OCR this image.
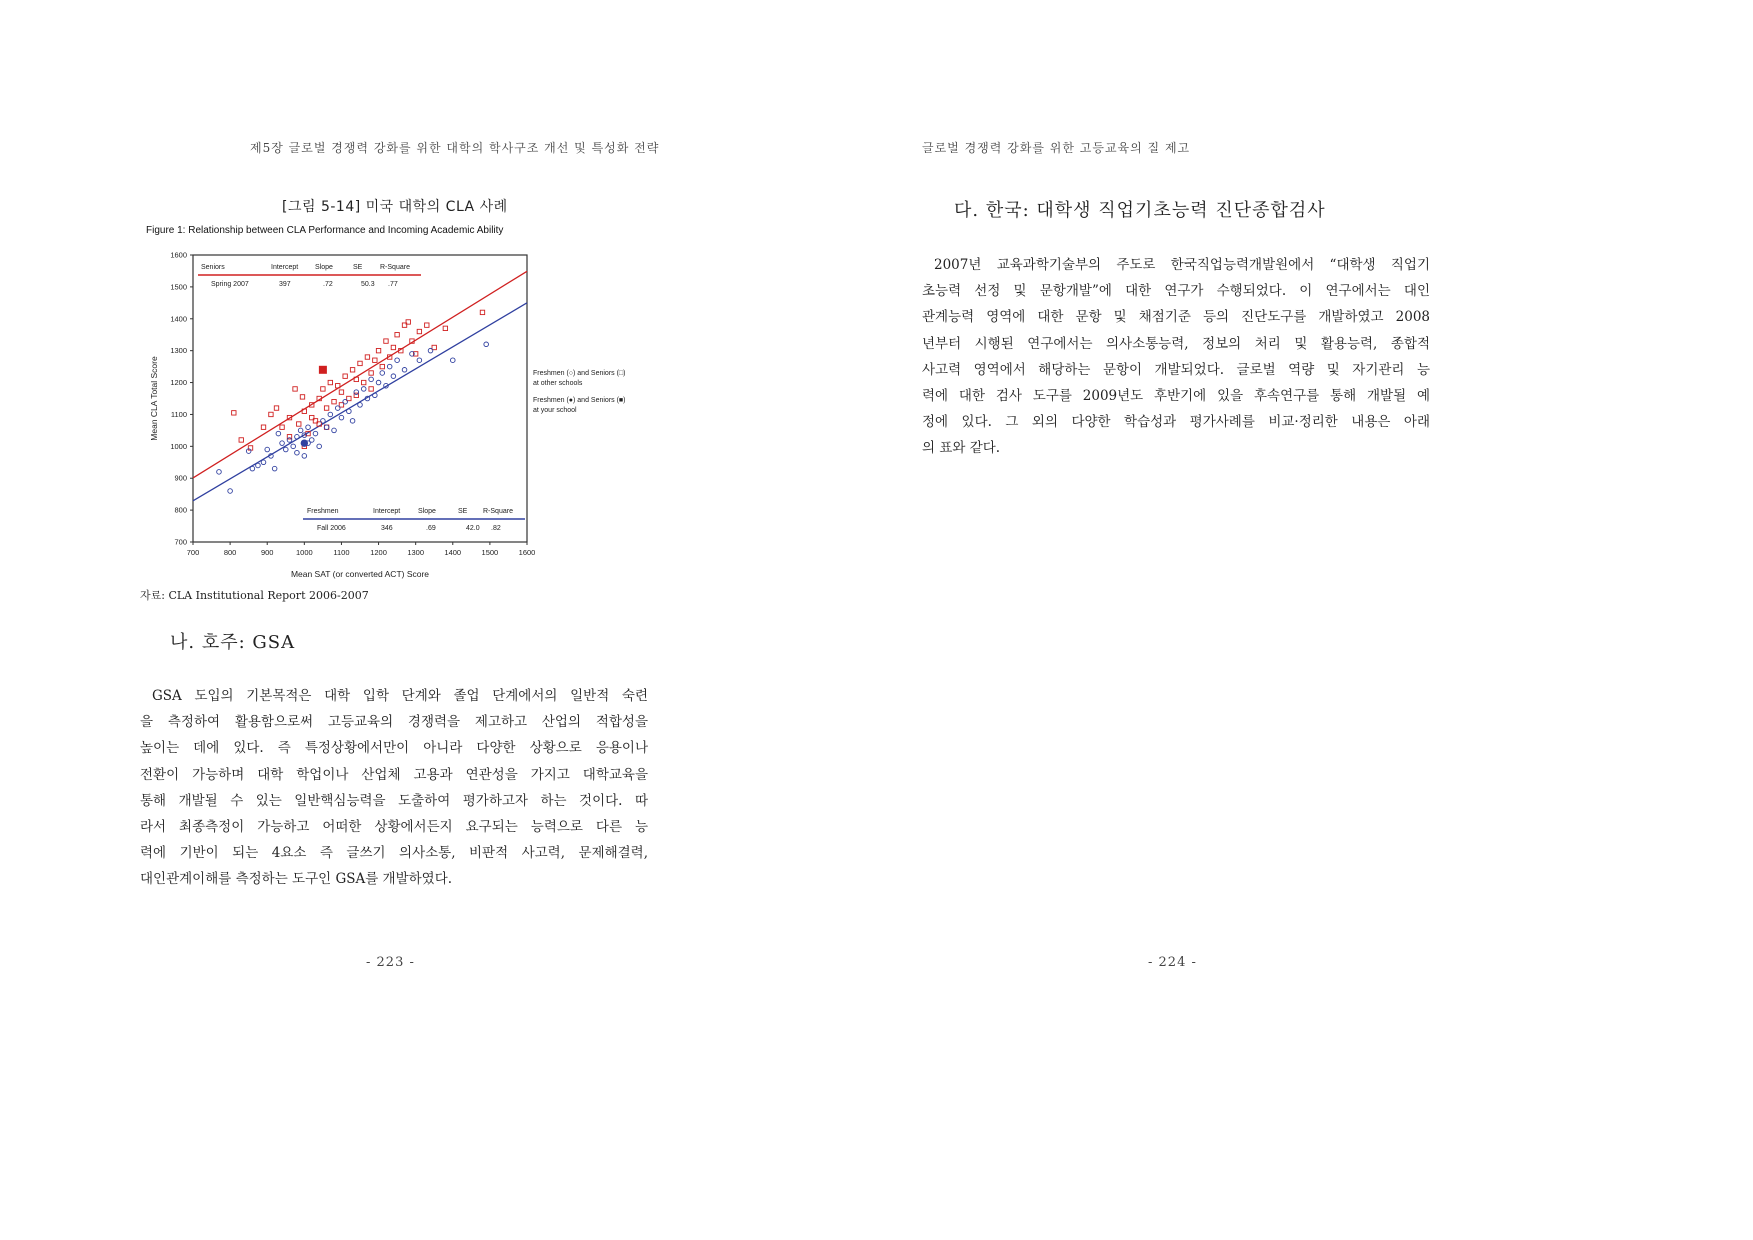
제5장 글로벌 경쟁력 강화를 위한 대학의 학사구조 개선 및 특성화 전략
[그림 5-14] 미국 대학의 CLA 사례
Figure 1: Relationship between CLA Performance and Incoming Academic Ability
700	800	900	1000	1100	1200	1300	1400	1500	1600
700
800
900
1000
1100
1200
1300
1400
1500
1600
Mean SAT (or converted ACT) Score
Mean CLA Total Score
Seniors	Intercept Slope	SE	R-Square
Spring 2007	397	.72	50.3 .77
Freshmen	Intercept	Slope	SE R-Square
Fall 2006	346	.69	42.0 .82
Freshmen (○) and Seniors (□)
at other schools
Freshmen (●) and Seniors (■)
at your school
자료: CLA Institutional Report 2006-2007
나. 호주: GSA

GSA 도입의 기본목적은 대학 입학 단계와 졸업 단계에서의 일반적 숙련

을 측정하여 활용함으로써 고등교육의 경쟁력을 제고하고 산업의 적합성을

높이는 데에 있다. 즉 특정상황에서만이 아니라 다양한 상황으로 응용이나

전환이 가능하며 대학 학업이나 산업체 고용과 연관성을 가지고 대학교육을

통해 개발될 수 있는 일반핵심능력을 도출하여 평가하고자 하는 것이다. 따

라서 최종측정이 가능하고 어떠한 상황에서든지 요구되는 능력으로 다른 능

력에 기반이 되는 4요소 즉 글쓰기 의사소통, 비판적 사고력, 문제해결력,

대인관계이해를 측정하는 도구인 GSA를 개발하였다.

- 223 -
글로벌 경쟁력 강화를 위한 고등교육의 질 제고
다. 한국: 대학생 직업기초능력 진단종합검사

2007년 교육과학기술부의 주도로 한국직업능력개발원에서 “대학생 직업기

초능력 선정 및 문항개발”에 대한 연구가 수행되었다. 이 연구에서는 대인

관계능력 영역에 대한 문항 및 채점기준 등의 진단도구를 개발하였고 2008

년부터 시행된 연구에서는 의사소통능력, 정보의 처리 및 활용능력, 종합적

사고력 영역에서 해당하는 문항이 개발되었다. 글로벌 역량 및 자기관리 능

력에 대한 검사 도구를 2009년도 후반기에 있을 후속연구를 통해 개발될 예

정에 있다. 그 외의 다양한 학습성과 평가사례를 비교·정리한 내용은 아래

의 표와 같다.

- 224 -
